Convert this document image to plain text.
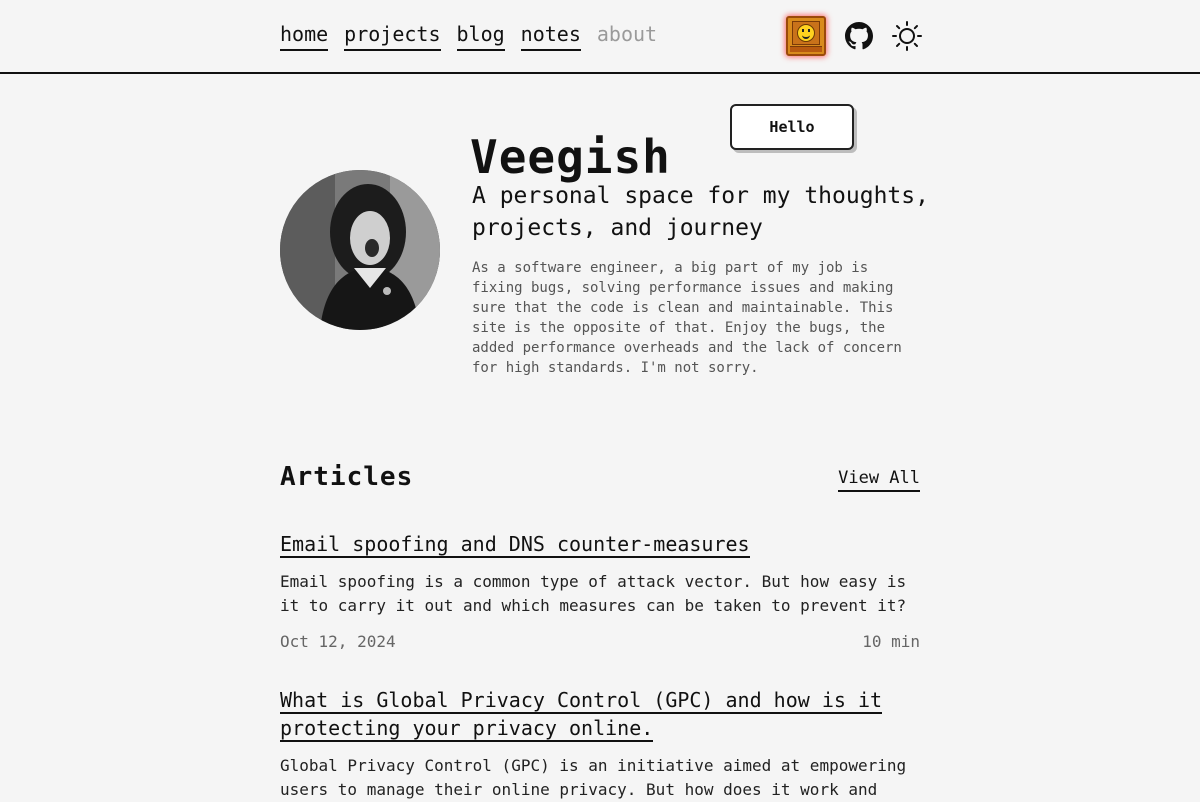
home projects blog notes about
Veegish
Hello
A personal space for my thoughts, projects, and journey

As a software engineer, a big part of my job is fixing bugs, solving performance issues and making sure that the code is clean and maintainable. This site is the opposite of that. Enjoy the bugs, the added performance overheads and the lack of concern for high standards. I'm not sorry.

Articles	View All
Email spoofing and DNS counter-measures

Email spoofing is a common type of attack vector. But how easy is it to carry it out and which measures can be taken to prevent it?

Oct 12, 2024	10 min
What is Global Privacy Control (GPC) and how is it protecting your privacy online.

Global Privacy Control (GPC) is an initiative aimed at empowering users to manage their online privacy. But how does it work and
